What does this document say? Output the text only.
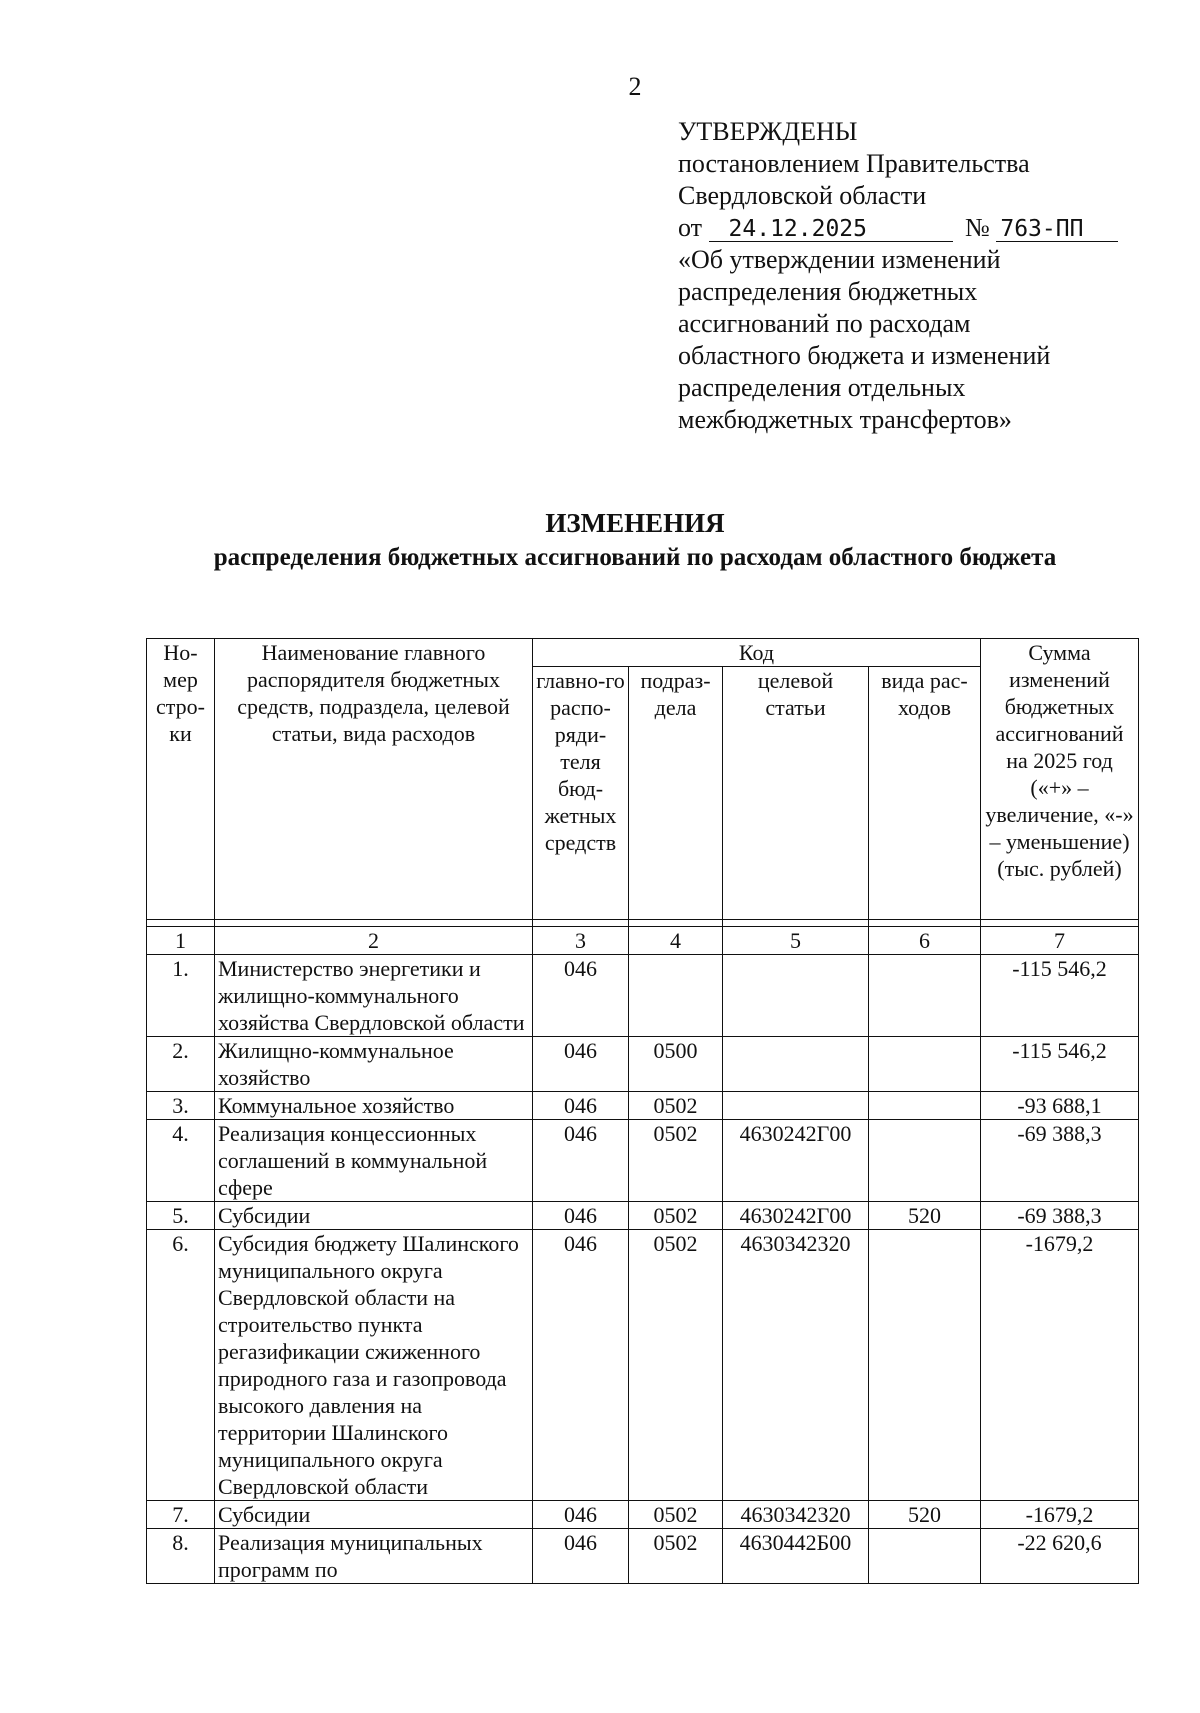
2
УТВЕРЖДЕНЫ
постановлением Правительства
Свердловской области
от 24.12.2025	№ 763-ПП
«Об утверждении изменений
распределения бюджетных
ассигнований по расходам
областного бюджета и изменений
распределения отдельных
межбюджетных трансфертов»
ИЗМЕНЕНИЯ
распределения бюджетных ассигнований по расходам областного бюджета
Но-мер стро-ки	Наименование главного распорядителя бюджетных средств, подраздела, целевой статьи, вида расходов	Код				Сумма изменений бюджетных ассигнований на 2025 год («+» – увеличение, «-» – уменьшение) (тыс. рублей)
		главно-го распо-ряди-теля бюд-жетных средств	подраз-дела	целевой статьи	вида рас-ходов	

1	2	3	4	5	6	7
1.	Министерство энергетики и жилищно-коммунального хозяйства Свердловской области	046				-115 546,2
2.	Жилищно-коммунальное хозяйство	046	0500			-115 546,2
3.	Коммунальное хозяйство	046	0502			-93 688,1
4.	Реализация концессионных соглашений в коммунальной сфере	046	0502	4630242Г00		-69 388,3
5.	Субсидии	046	0502	4630242Г00	520	-69 388,3
6.	Субсидия бюджету Шалинского муниципального округа Свердловской области на строительство пункта регазификации сжиженного природного газа и газопровода высокого давления на территории Шалинского муниципального округа Свердловской области	046	0502	4630342320		-1679,2
7.	Субсидии	046	0502	4630342320	520	-1679,2
8.	Реализация муниципальных программ по	046	0502	4630442Б00		-22 620,6
